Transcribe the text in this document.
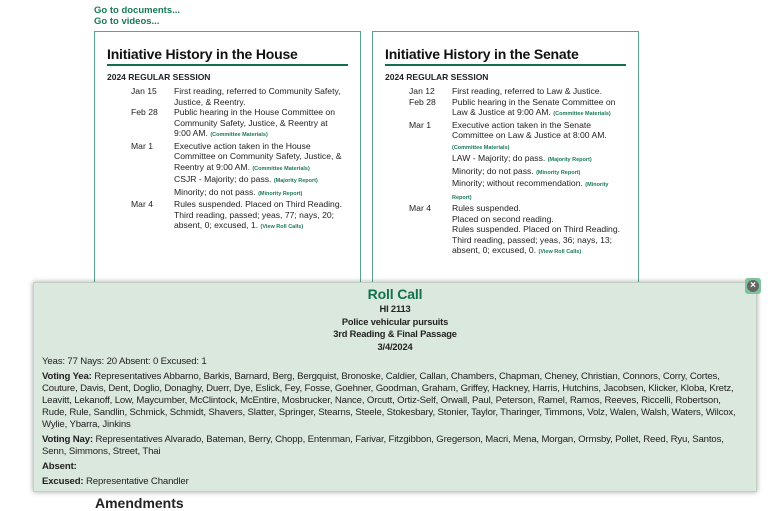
Go to documents...
Go to videos...
Initiative History in the House
2024 REGULAR SESSION
Jan 15	First reading, referred to Community Safety, Justice, & Reentry.
Feb 28	Public hearing in the House Committee on Community Safety, Justice, & Reentry at 9:00 AM. (Committee Materials)
Mar 1	Executive action taken in the House Committee on Community Safety, Justice, & Reentry at 9:00 AM. (Committee Materials)
CSJR - Majority; do pass. (Majority Report)
Minority; do not pass. (Minority Report)
Mar 4	Rules suspended. Placed on Third Reading.
Third reading, passed; yeas, 77; nays, 20; absent, 0; excused, 1. (View Roll Calls)
Initiative History in the Senate
2024 REGULAR SESSION
Jan 12	First reading, referred to Law & Justice.
Feb 28	Public hearing in the Senate Committee on Law & Justice at 9:00 AM. (Committee Materials)
Mar 1	Executive action taken in the Senate Committee on Law & Justice at 8:00 AM. (Committee Materials)
LAW - Majority; do pass. (Majority Report)
Minority; do not pass. (Minority Report)
Minority; without recommendation. (Minority Report)
Mar 4	Rules suspended.
Placed on second reading.
Rules suspended. Placed on Third Reading.
Third reading, passed; yeas, 36; nays, 13; absent, 0; excused, 0. (View Roll Calls)
Roll Call
HI 2113
Police vehicular pursuits
3rd Reading & Final Passage
3/4/2024

Yeas: 77 Nays: 20 Absent: 0 Excused: 1

Voting Yea: Representatives Abbarno, Barkis, Barnard, Berg, Bergquist, Bronoske, Caldier, Callan, Chambers, Chapman, Cheney, Christian, Connors, Corry, Cortes, Couture, Davis, Dent, Doglio, Donaghy, Duerr, Dye, Eslick, Fey, Fosse, Goehner, Goodman, Graham, Griffey, Hackney, Harris, Hutchins, Jacobsen, Klicker, Kloba, Kretz, Leavitt, Lekanoff, Low, Maycumber, McClintock, McEntire, Mosbrucker, Nance, Orcutt, Ortiz-Self, Orwall, Paul, Peterson, Ramel, Ramos, Reeves, Riccelli, Robertson, Rude, Rule, Sandlin, Schmick, Schmidt, Shavers, Slatter, Springer, Stearns, Steele, Stokesbary, Stonier, Taylor, Tharinger, Timmons, Volz, Walen, Walsh, Waters, Wilcox, Wylie, Ybarra, Jinkins

Voting Nay: Representatives Alvarado, Bateman, Berry, Chopp, Entenman, Farivar, Fitzgibbon, Gregerson, Macri, Mena, Morgan, Ormsby, Pollet, Reed, Ryu, Santos, Senn, Simmons, Street, Thai

Absent:

Excused: Representative Chandler

×
Amendments
